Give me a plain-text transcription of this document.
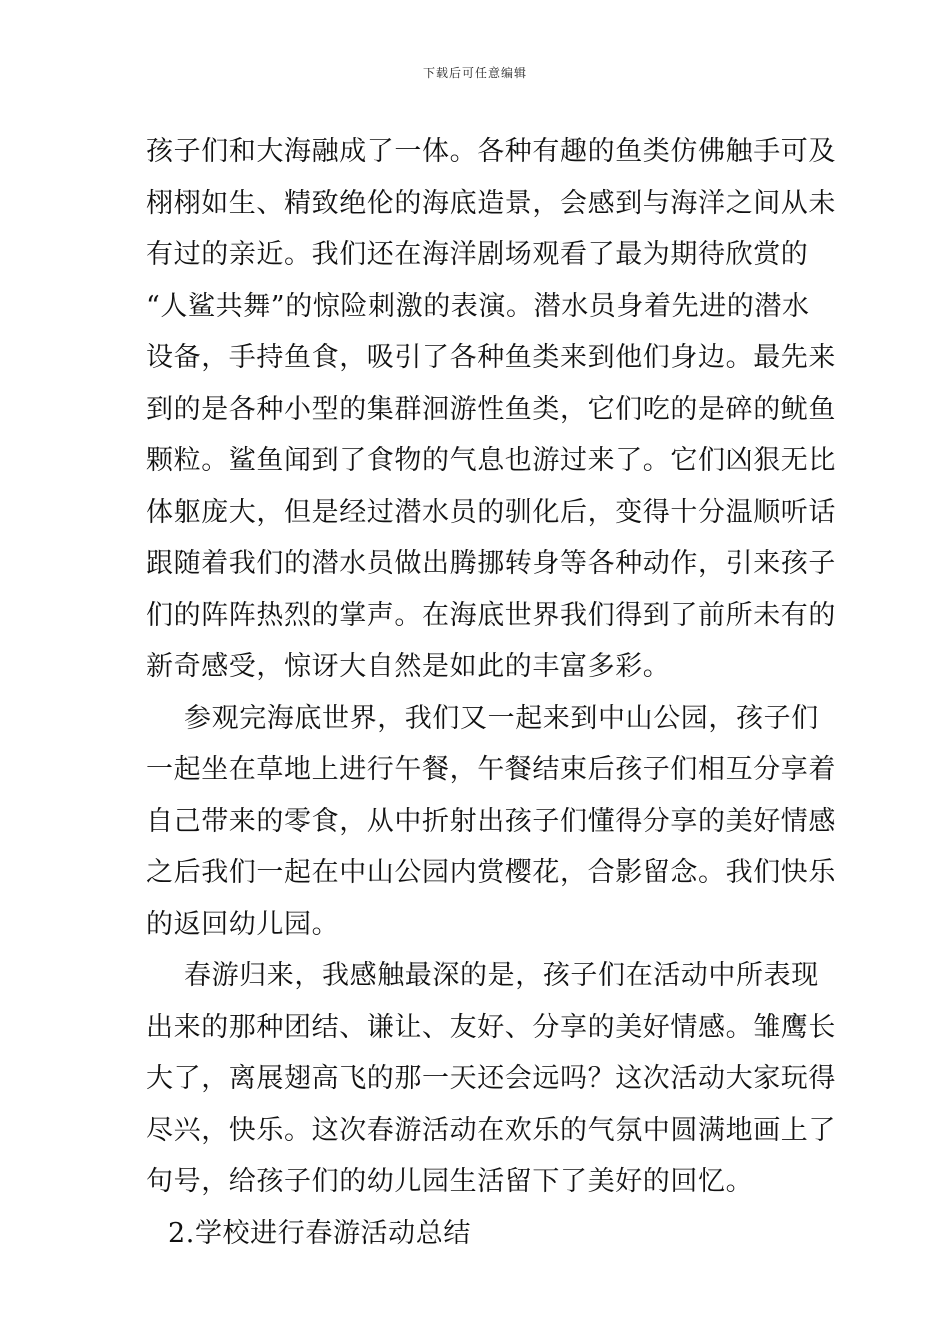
下载后可任意编辑
孩子们和大海融成了一体。各种有趣的鱼类仿佛触手可及
栩栩如生、精致绝伦的海底造景，会感到与海洋之间从未
有过的亲近。我们还在海洋剧场观看了最为期待欣赏的
“人鲨共舞”的惊险刺激的表演。潜水员身着先进的潜水
设备，手持鱼食，吸引了各种鱼类来到他们身边。最先来
到的是各种小型的集群洄游性鱼类，它们吃的是碎的鱿鱼
颗粒。鲨鱼闻到了食物的气息也游过来了。它们凶狠无比
体躯庞大，但是经过潜水员的驯化后，变得十分温顺听话
跟随着我们的潜水员做出腾挪转身等各种动作，引来孩子
们的阵阵热烈的掌声。在海底世界我们得到了前所未有的
新奇感受，惊讶大自然是如此的丰富多彩。
参观完海底世界，我们又一起来到中山公园，孩子们
一起坐在草地上进行午餐，午餐结束后孩子们相互分享着
自己带来的零食，从中折射出孩子们懂得分享的美好情感
之后我们一起在中山公园内赏樱花，合影留念。我们快乐
的返回幼儿园。
春游归来，我感触最深的是，孩子们在活动中所表现
出来的那种团结、谦让、友好、分享的美好情感。雏鹰长
大了，离展翅高飞的那一天还会远吗？这次活动大家玩得
尽兴，快乐。这次春游活动在欢乐的气氛中圆满地画上了
句号，给孩子们的幼儿园生活留下了美好的回忆。
2.学校进行春游活动总结
